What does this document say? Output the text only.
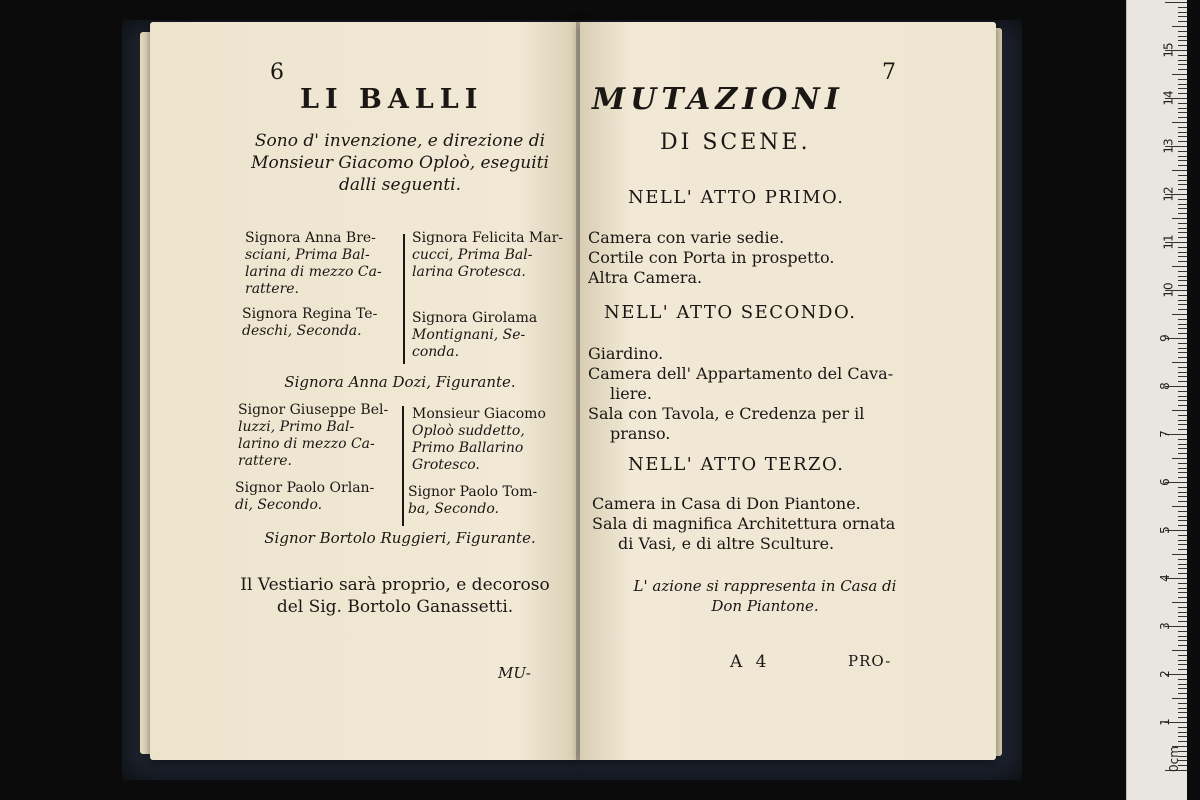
6
LI BALLI
Sono d' invenzione, e direzione di
Monsieur Giacomo Oploò, eseguiti
dalli seguenti.
Signora Anna Bre-
sciani, Prima Bal-
larina di mezzo Ca-
rattere.
Signora Felicita Mar-
cucci, Prima Bal-
larina Grotesca.
Signora Regina Te-
deschi, Seconda.
Signora Girolama
Montignani, Se-
conda.
Signora Anna Dozi, Figurante.
Signor Giuseppe Bel-
luzzi, Primo Bal-
larino di mezzo Ca-
rattere.
Monsieur Giacomo
Oploò suddetto,
Primo Ballarino
Grotesco.
Signor Paolo Orlan-
di, Secondo.
Signor Paolo Tom-
ba, Secondo.
Signor Bortolo Ruggieri, Figurante.
Il Vestiario sarà proprio, e decoroso
del Sig. Bortolo Ganassetti.
MU-
7
MUTAZIONI
DI SCENE.
NELL' ATTO PRIMO.
Camera con varie sedie.
Cortile con Porta in prospetto.
Altra Camera.
NELL' ATTO SECONDO.
Giardino.
Camera dell' Appartamento del Cava-
liere.
Sala con Tavola, e Credenza per il
pranso.
NELL' ATTO TERZO.
Camera in Casa di Don Piantone.
Sala di magnifica Architettura ornata
di Vasi, e di altre Sculture.
L' azione si rappresenta in Casa di
Don Piantone.
A 4	PRO-
0cm
1
2
3
4
5
6
7
8
9
10
11
12
13
14
15
